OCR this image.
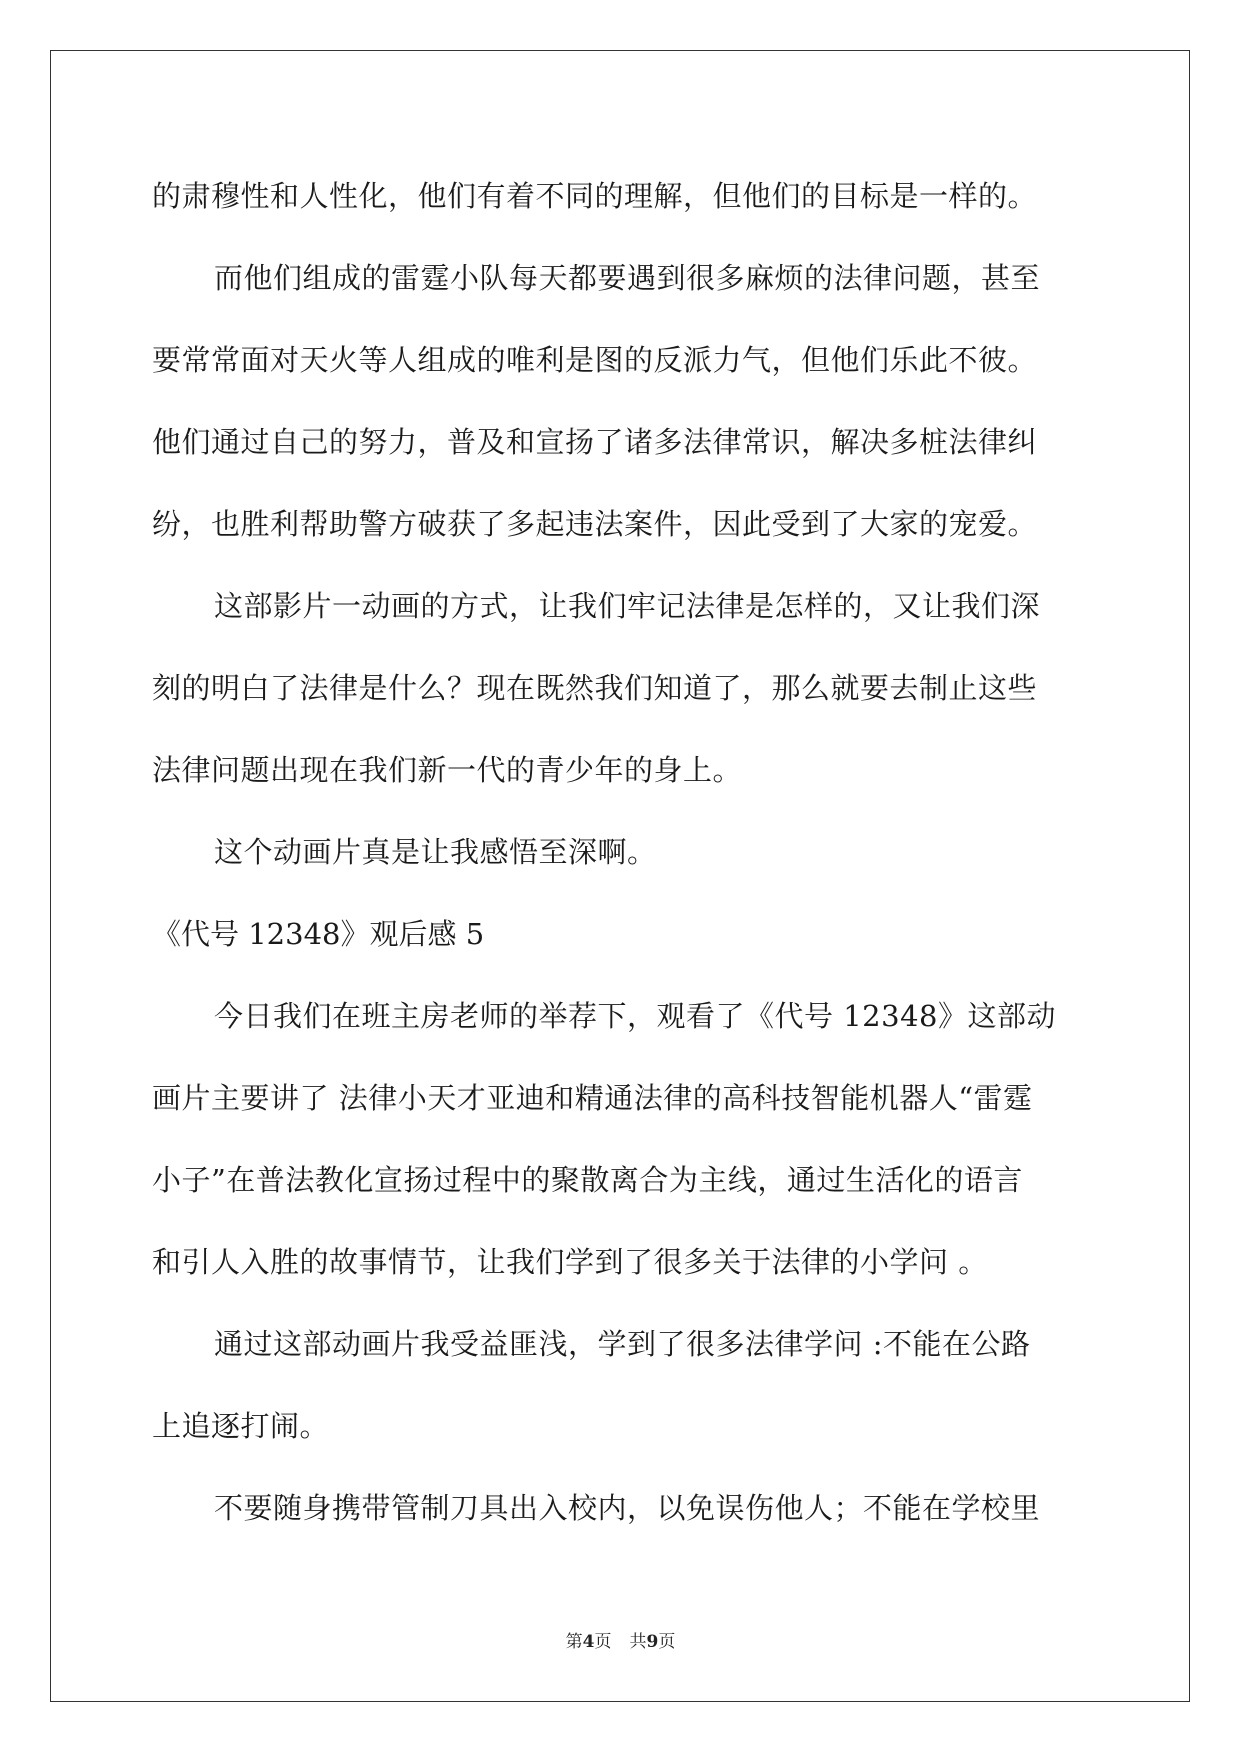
的肃穆性和人性化，他们有着不同的理解，但他们的目标是一样的。
而他们组成的雷霆小队每天都要遇到很多麻烦的法律问题，甚至
要常常面对天火等人组成的唯利是图的反派力气，但他们乐此不彼。
他们通过自己的努力，普及和宣扬了诸多法律常识，解决多桩法律纠
纷，也胜利帮助警方破获了多起违法案件，因此受到了大家的宠爱。
这部影片一动画的方式，让我们牢记法律是怎样的，又让我们深
刻的明白了法律是什么？现在既然我们知道了，那么就要去制止这些
法律问题出现在我们新一代的青少年的身上。
这个动画片真是让我感悟至深啊。
《代号 12348》观后感 5
今日我们在班主房老师的举荐下，观看了《代号 12348》这部动
画片主要讲了 法律小天才亚迪和精通法律的高科技智能机器人“雷霆
小子”在普法教化宣扬过程中的聚散离合为主线，通过生活化的语言
和引人入胜的故事情节，让我们学到了很多关于法律的小学问 。
通过这部动画片我受益匪浅，学到了很多法律学问 :不能在公路
上追逐打闹。
不要随身携带管制刀具出入校内，以免误伤他人；不能在学校里
第4页 共9页
